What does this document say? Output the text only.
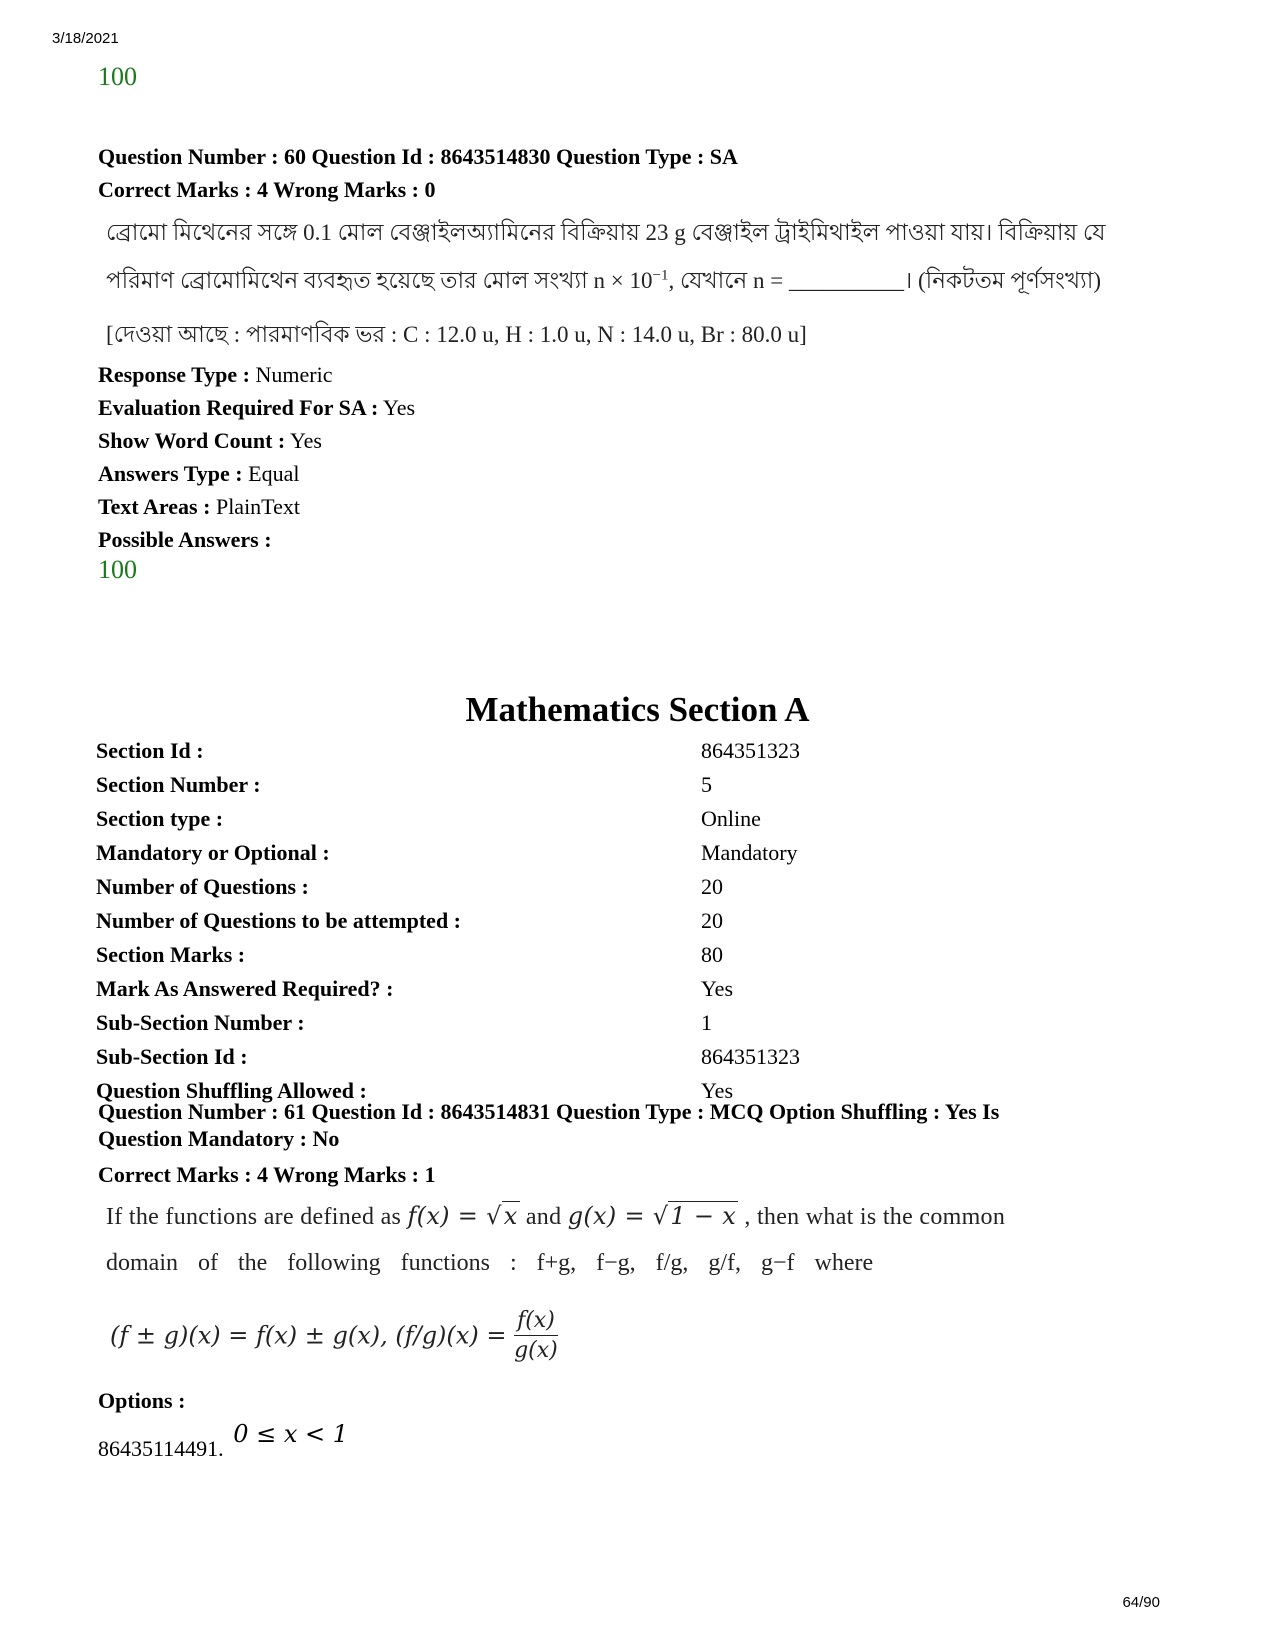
3/18/2021
64/90
100
Question Number : 60 Question Id : 8643514830 Question Type : SA
Correct Marks : 4 Wrong Marks : 0
ব্রোমো মিথেনের সঙ্গে 0.1 মোল বেঞ্জাইলঅ্যামিনের বিক্রিয়ায় 23 g বেঞ্জাইল ট্রাইমিথাইল পাওয়া যায়। বিক্রিয়ায় যে
পরিমাণ ব্রোমোমিথেন ব্যবহৃত হয়েছে তার মোল সংখ্যা $n \times 10^{-1}$, যেখানে n = __________। (নিকটতম পূর্ণসংখ্যা)
[দেওয়া আছে : পারমাণবিক ভর : C : 12.0 u, H : 1.0 u, N : 14.0 u, Br : 80.0 u]
Response Type : Numeric
Evaluation Required For SA : Yes
Show Word Count : Yes
Answers Type : Equal
Text Areas : PlainText
Possible Answers :
100
Mathematics Section A
Section Id :	864351323
Section Number :	5
Section type :	Online
Mandatory or Optional :	Mandatory
Number of Questions :	20
Number of Questions to be attempted :	20
Section Marks :	80
Mark As Answered Required? :	Yes
Sub-Section Number :	1
Sub-Section Id :	864351323
Question Shuffling Allowed :	Yes
Question Number : 61 Question Id : 8643514831 Question Type : MCQ Option Shuffling : Yes Is
Question Mandatory : No
Correct Marks : 4 Wrong Marks : 1
If the functions are defined as f(x) = √x and g(x) = √1 − x , then what is the common
domain of the following functions : f+g, f−g, f/g, g/f, g−f where
(f ± g)(x) = f(x) ± g(x), $(f/g)(x) = \frac{f(x)}{g(x)}$
Options :
86435114491. 0 ≤ x < 1
